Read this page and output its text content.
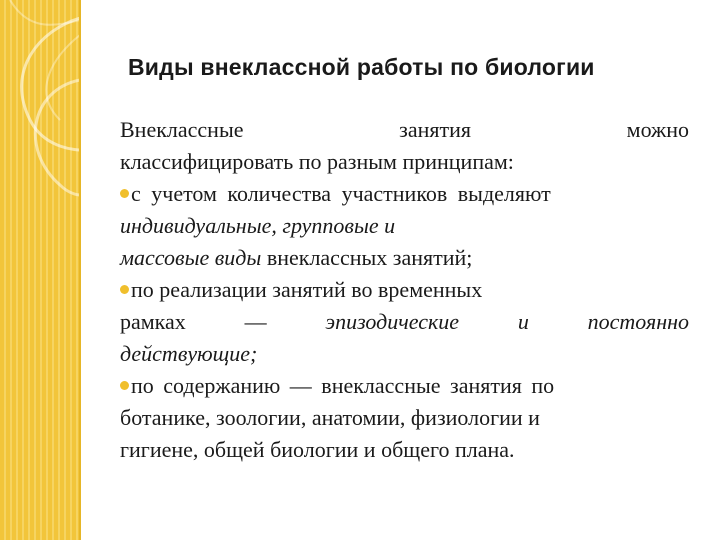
Виды внеклассной работы по биологии
Внеклассные	занятия	можно
классифицировать по разным принципам:
с учетом количества участников выделяют
индивидуальные, групповые и
массовые виды внеклассных занятий;
по реализации занятий во временных
рамках	—	эпизодические	и	постоянно
действующие;
по содержанию — внеклассные занятия по
ботанике, зоологии, анатомии, физиологии и
гигиене, общей биологии и общего плана.
